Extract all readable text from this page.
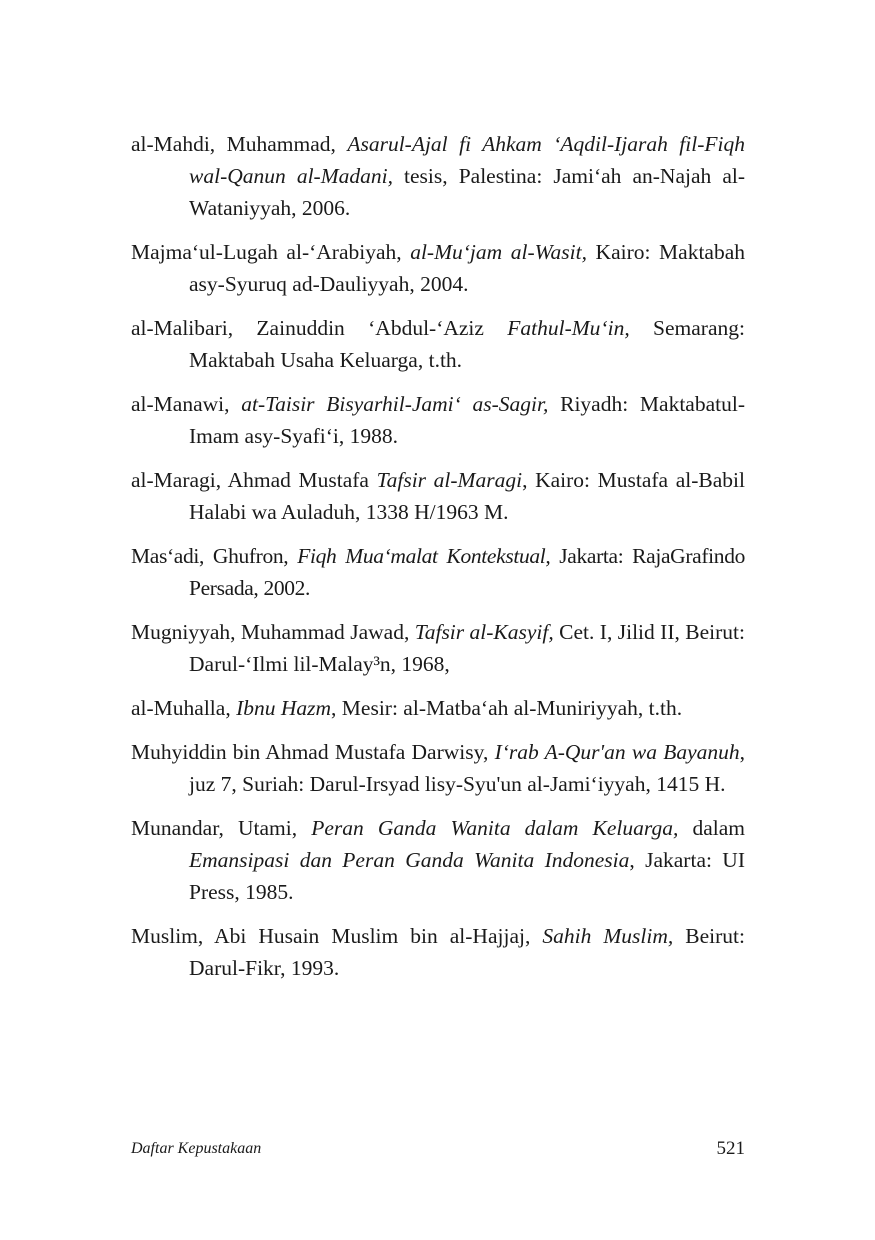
al-Mahdi, Muhammad, Asarul-Ajal fi Ahkam ‘Aqdil-Ijarah fil-Fiqh wal-Qanun al-Madani, tesis, Palestina: Jami‘ah an-Najah al-Wataniyyah, 2006.

Majma‘ul-Lugah al-‘Arabiyah, al-Mu‘jam al-Wasit, Kairo: Maktabah asy-Syuruq ad-Dauliyyah, 2004.

al-Malibari, Zainuddin ‘Abdul-‘Aziz Fathul-Mu‘in, Semarang: Maktabah Usaha Keluarga, t.th.

al-Manawi, at-Taisir Bisyarhil-Jami‘ as-Sagir, Riyadh: Maktabatul-Imam asy-Syafi‘i, 1988.

al-Maragi, Ahmad Mustafa Tafsir al-Maragi, Kairo: Mustafa al-Babil Halabi wa Auladuh, 1338 H/1963 M.

Mas‘adi, Ghufron, Fiqh Mua‘malat Kontekstual, Jakarta: RajaGrafindo Persada, 2002.

Mugniyyah, Muhammad Jawad, Tafsir al-Kasyif, Cet. I, Jilid II, Beirut: Darul-‘Ilmi lil-Malay³n, 1968,

al-Muhalla, Ibnu Hazm, Mesir: al-Matba‘ah al-Muniriyyah, t.th.

Muhyiddin bin Ahmad Mustafa Darwisy, I‘rab A-Qur'an wa Bayanuh, juz 7, Suriah: Darul-Irsyad lisy-Syu'un al-Jami‘iyyah, 1415 H.

Munandar, Utami, Peran Ganda Wanita dalam Keluarga, dalam Emansipasi dan Peran Ganda Wanita Indonesia, Jakarta: UI Press, 1985.

Muslim, Abi Husain Muslim bin al-Hajjaj, Sahih Muslim, Beirut: Darul-Fikr, 1993.

Daftar Kepustakaan	521
